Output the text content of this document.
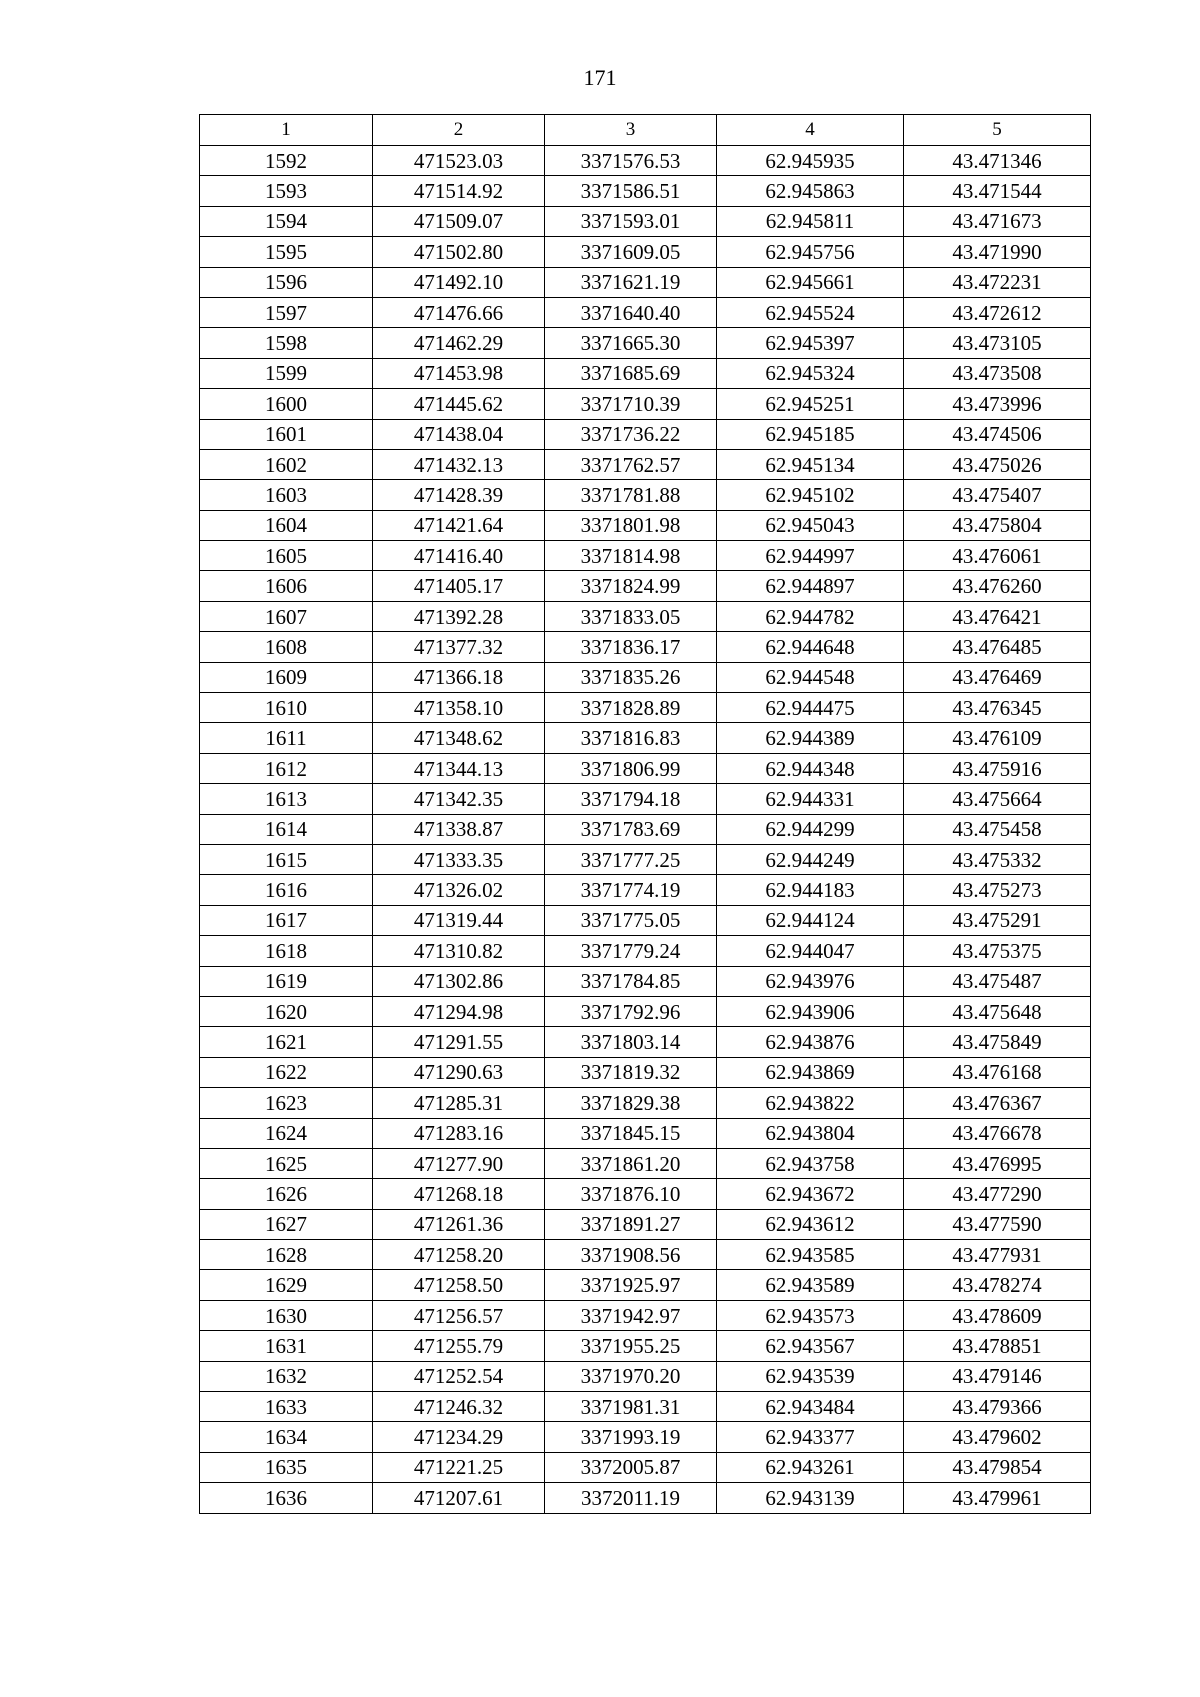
171
1	2	3	4	5
1592	471523.03	3371576.53	62.945935	43.471346
1593	471514.92	3371586.51	62.945863	43.471544
1594	471509.07	3371593.01	62.945811	43.471673
1595	471502.80	3371609.05	62.945756	43.471990
1596	471492.10	3371621.19	62.945661	43.472231
1597	471476.66	3371640.40	62.945524	43.472612
1598	471462.29	3371665.30	62.945397	43.473105
1599	471453.98	3371685.69	62.945324	43.473508
1600	471445.62	3371710.39	62.945251	43.473996
1601	471438.04	3371736.22	62.945185	43.474506
1602	471432.13	3371762.57	62.945134	43.475026
1603	471428.39	3371781.88	62.945102	43.475407
1604	471421.64	3371801.98	62.945043	43.475804
1605	471416.40	3371814.98	62.944997	43.476061
1606	471405.17	3371824.99	62.944897	43.476260
1607	471392.28	3371833.05	62.944782	43.476421
1608	471377.32	3371836.17	62.944648	43.476485
1609	471366.18	3371835.26	62.944548	43.476469
1610	471358.10	3371828.89	62.944475	43.476345
1611	471348.62	3371816.83	62.944389	43.476109
1612	471344.13	3371806.99	62.944348	43.475916
1613	471342.35	3371794.18	62.944331	43.475664
1614	471338.87	3371783.69	62.944299	43.475458
1615	471333.35	3371777.25	62.944249	43.475332
1616	471326.02	3371774.19	62.944183	43.475273
1617	471319.44	3371775.05	62.944124	43.475291
1618	471310.82	3371779.24	62.944047	43.475375
1619	471302.86	3371784.85	62.943976	43.475487
1620	471294.98	3371792.96	62.943906	43.475648
1621	471291.55	3371803.14	62.943876	43.475849
1622	471290.63	3371819.32	62.943869	43.476168
1623	471285.31	3371829.38	62.943822	43.476367
1624	471283.16	3371845.15	62.943804	43.476678
1625	471277.90	3371861.20	62.943758	43.476995
1626	471268.18	3371876.10	62.943672	43.477290
1627	471261.36	3371891.27	62.943612	43.477590
1628	471258.20	3371908.56	62.943585	43.477931
1629	471258.50	3371925.97	62.943589	43.478274
1630	471256.57	3371942.97	62.943573	43.478609
1631	471255.79	3371955.25	62.943567	43.478851
1632	471252.54	3371970.20	62.943539	43.479146
1633	471246.32	3371981.31	62.943484	43.479366
1634	471234.29	3371993.19	62.943377	43.479602
1635	471221.25	3372005.87	62.943261	43.479854
1636	471207.61	3372011.19	62.943139	43.479961
